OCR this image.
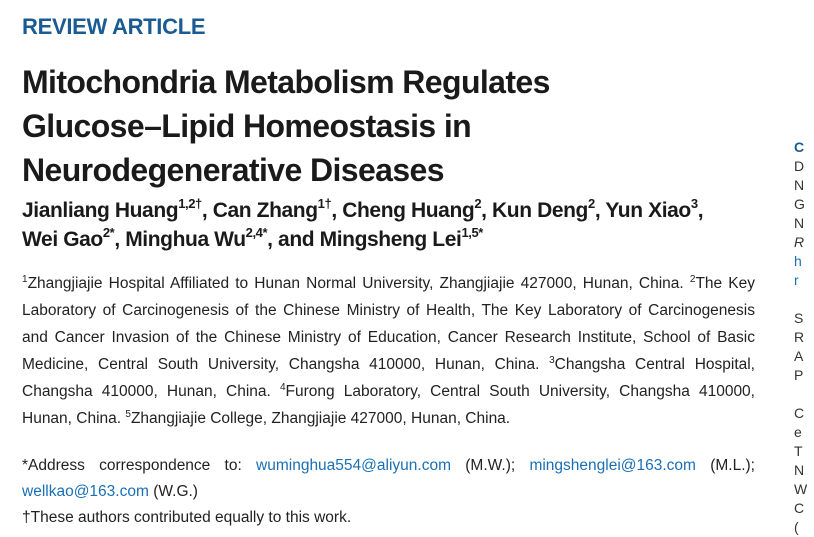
REVIEW ARTICLE
Mitochondria Metabolism Regulates
Glucose–Lipid Homeostasis in
Neurodegenerative Diseases
Jianliang Huang$^{1,2\dagger}$, Can Zhang$^{1\dagger}$, Cheng Huang$^2$, Kun Deng$^2$, Yun Xiao$^3$,
Wei Gao$^{2*}$, Minghua $Wu^{2,4*}$, and Mingsheng Lei$^{1,5*}$
$^1$Zhangjiajie Hospital Affiliated to Hunan Normal University, Zhangjiajie 427000, Hunan, China. $^2$The Key Laboratory of Carcinogenesis of the Chinese Ministry of Health, The Key Laboratory of Carcinogenesis and Cancer Invasion of the Chinese Ministry of Education, Cancer Research Institute, School of Basic Medicine, Central South University, Changsha 410000, Hunan, China. $^3$Changsha Central Hospital, Changsha 410000, Hunan, China. $^4$Furong Laboratory, Central South University, Changsha 410000, Hunan, China. $^5$Zhangjiajie College, Zhangjiajie 427000, Hunan, China.
*Address correspondence to: wuminghua554@aliyun.com (M.W.); mingshenglei@163.com (M.L.); wellkao@163.com (W.G.)
†These authors contributed equally to this work.
C
D
N
G
N
R
h
r
S
R
A
P
C
e
T
N
W
C
(
